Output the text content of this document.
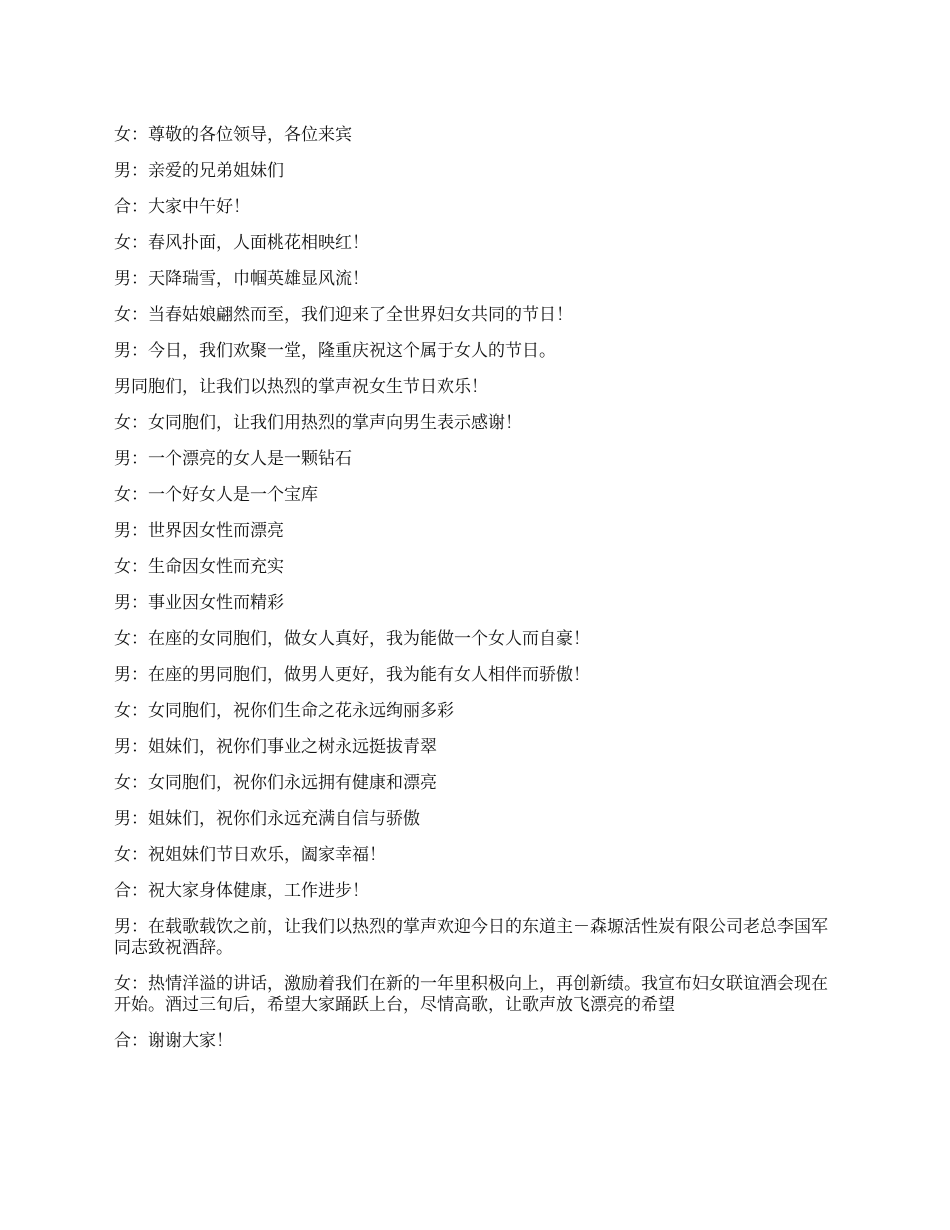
女：尊敬的各位领导，各位来宾

男：亲爱的兄弟姐妹们

合：大家中午好！

女：春风扑面，人面桃花相映红！

男：天降瑞雪，巾帼英雄显风流！

女：当春姑娘翩然而至，我们迎来了全世界妇女共同的节日！

男：今日，我们欢聚一堂，隆重庆祝这个属于女人的节日。

男同胞们，让我们以热烈的掌声祝女生节日欢乐！

女：女同胞们，让我们用热烈的掌声向男生表示感谢！

男：一个漂亮的女人是一颗钻石

女：一个好女人是一个宝库

男：世界因女性而漂亮

女：生命因女性而充实

男：事业因女性而精彩

女：在座的女同胞们，做女人真好，我为能做一个女人而自豪！

男：在座的男同胞们，做男人更好，我为能有女人相伴而骄傲！

女：女同胞们，祝你们生命之花永远绚丽多彩

男：姐妹们，祝你们事业之树永远挺拔青翠

女：女同胞们，祝你们永远拥有健康和漂亮

男：姐妹们，祝你们永远充满自信与骄傲

女：祝姐妹们节日欢乐，阖家幸福！

合：祝大家身体健康，工作进步！

男：在载歌载饮之前，让我们以热烈的掌声欢迎今日的东道主－森塬活性炭有限公司老总李国军同志致祝酒辞。

女：热情洋溢的讲话，激励着我们在新的一年里积极向上，再创新绩。我宣布妇女联谊酒会现在开始。酒过三旬后，希望大家踊跃上台，尽情高歌，让歌声放飞漂亮的希望

合：谢谢大家！
